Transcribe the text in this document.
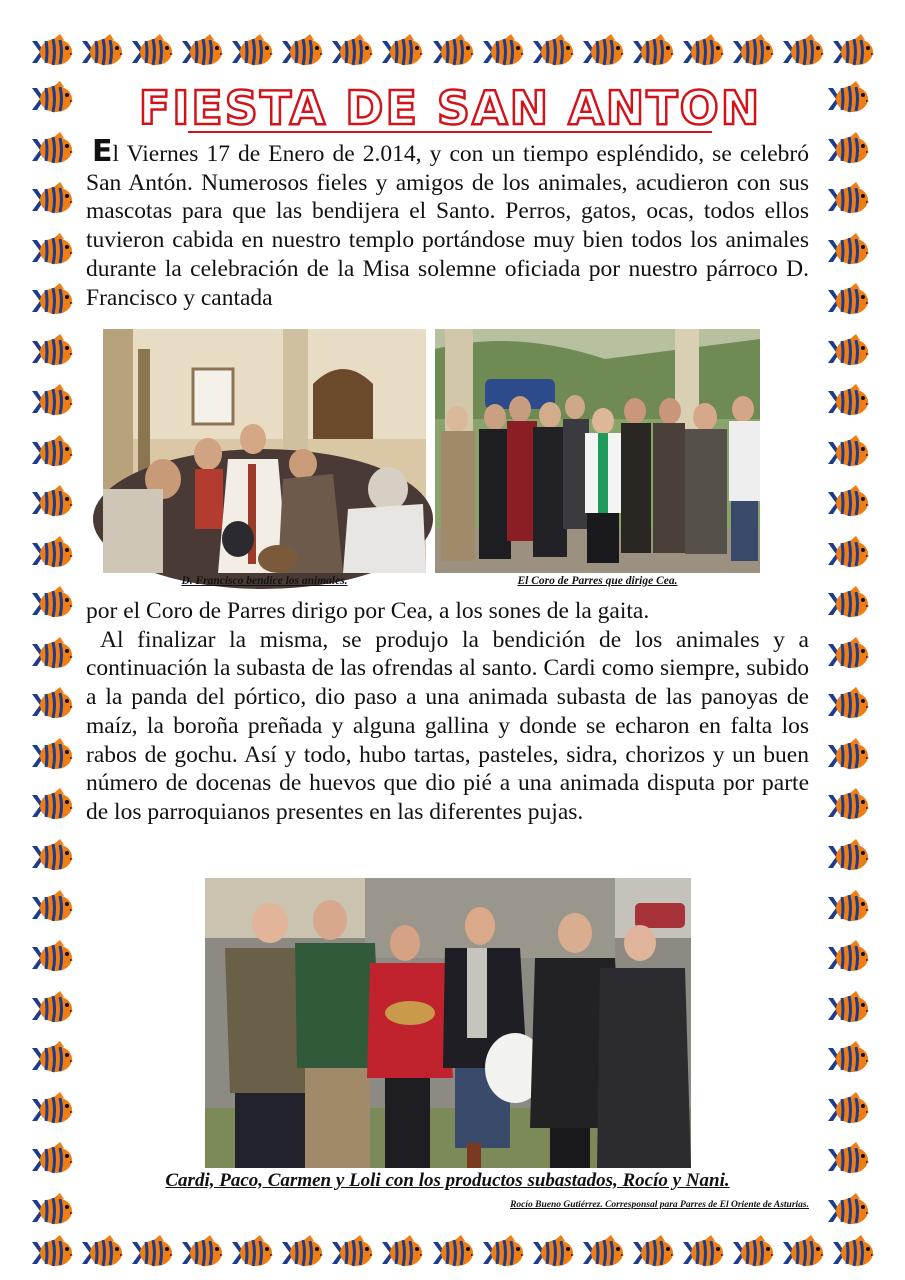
FIESTA DE SAN ANTON

El Viernes 17 de Enero de 2.014, y con un tiempo espléndido, se celebró San Antón. Numerosos fieles y amigos de los animales, acudieron con sus mascotas para que las bendijera el Santo. Perros, gatos, ocas, todos ellos tuvieron cabida en nuestro templo portándose muy bien todos los animales durante la celebración de la Misa solemne oficiada por nuestro párroco D. Francisco y cantada

D. Francisco bendice los animales.	El Coro de Parres que dirige Cea.

por el Coro de Parres dirigo por Cea, a los sones de la gaita.

Al finalizar la misma, se produjo la bendición de los animales y a continuación la subasta de las ofrendas al santo. Cardi como siempre, subido a la panda del pórtico, dio paso a una animada subasta de las panoyas de maíz, la boroña preñada y alguna gallina y donde se echaron en falta los rabos de gochu. Así y todo, hubo tartas, pasteles, sidra, chorizos y un buen número de docenas de huevos que dio pié a una animada disputa por parte de los parroquianos presentes en las diferentes pujas.

Cardi, Paco, Carmen y Loli con los productos subastados, Rocío y Nani.
Rocío Bueno Gutiérrez. Corresponsal para Parres de El Oriente de Asturias.
